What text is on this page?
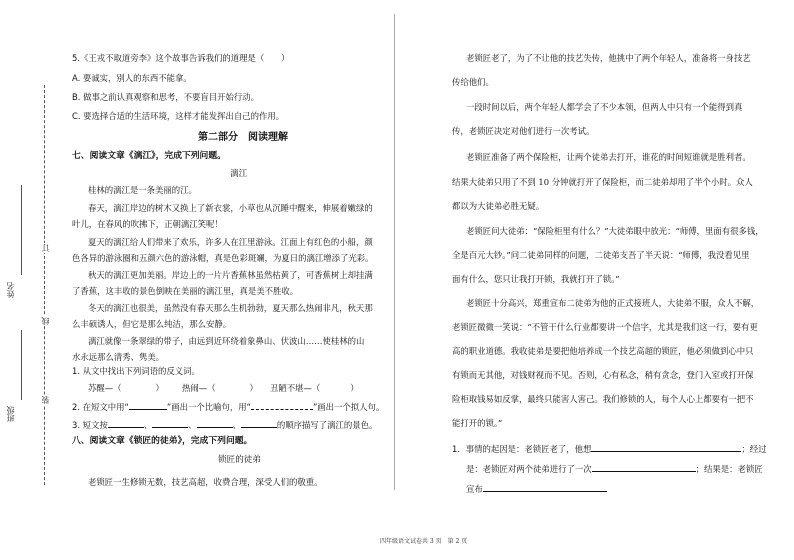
姓名
班级
订
线
装
5.《王戎不取道旁李》这个故事告诉我们的道理是（　　）
A. 要诚实，别人的东西不能拿。
B. 做事之前认真观察和思考，不要盲目开始行动。
C. 要选择合适的生活环境，这样才能发挥出自己的作用。
第二部分　阅读理解
七、阅读文章《漓江》，完成下列问题。
漓江
桂林的漓江是一条美丽的江。
春天，漓江岸边的树木又换上了新衣裳，小草也从沉睡中醒来，伸展着嫩绿的
叶儿，在春风的吹拂下，正朝漓江笑呢！
夏天的漓江给人们带来了欢乐，许多人在江里游泳。江面上有红色的小船，颜
色各异的游泳圈和五颜六色的游泳帽，真是色彩斑斓，为夏日的漓江增添了光彩。
秋天的漓江更加美丽。岸边上的一片片香蕉林虽然枯黄了，可香蕉树上却挂满
了香蕉，这丰收的景色倒映在美丽的漓江里，真是美不胜收。
冬天的漓江也很美，虽然没有春天那么生机勃勃，夏天那么热闹非凡，秋天那
么丰硕诱人，但它是那么纯洁，那么安静。
漓江就像一条翠绿的带子，由远到近环绕着象鼻山、伏波山……使桂林的山
水永远那么清秀、隽美。
1. 从文中找出下列词语的反义词。
苏醒—（	） 热闹—（	） 丑陋不堪—（	）
2. 在短文中用“	”画出一个比喻句，用“	”画出一个拟人句。
3. 短文按	、	、	、	的顺序描写了漓江的景色。
八、阅读文章《锁匠的徒弟》，完成下列问题。
锁匠的徒弟
老锁匠一生修锁无数，技艺高超，收费合理，深受人们的敬重。
老锁匠老了，为了不让他的技艺失传，他挑中了两个年轻人，准备将一身技艺
传给他们。
一段时间以后，两个年轻人都学会了不少本领，但两人中只有一个能得到真
传，老锁匠决定对他们进行一次考试。
老锁匠准备了两个保险柜，让两个徒弟去打开，谁花的时间短谁就是胜利者。
结果大徒弟只用了不到 10 分钟就打开了保险柜，而二徒弟却用了半个小时。众人
都以为大徒弟必胜无疑。
老锁匠问大徒弟：“保险柜里有什么？”大徒弟眼中放光：“师傅，里面有很多钱，
全是百元大钞。”问二徒弟同样的问题，二徒弟支吾了半天说：“师傅，我没看见里
面有什么，您只让我打开锁，我就打开了锁。”
老锁匠十分高兴，郑重宣布二徒弟为他的正式接班人，大徒弟不服，众人不解，
老锁匠微微一笑说：“不管干什么行业都要讲一个信字，尤其是我们这一行，要有更
高的职业道德。我收徒弟是要把他培养成一个技艺高超的锁匠，他必须做到心中只
有锁而无其他，对钱财视而不见。否则，心有私念，稍有贪念，登门入室或打开保
险柜取钱易如反掌，最终只能害人害己。我们修锁的人，每个人心上都要有一把不
能打开的锁。”
1．事情的起因是：老锁匠老了，他想	；经过
是：老锁匠对两个徒弟进行了一次	；结果是：老锁匠
宣布
四年级语文试卷共 3 页　第 2 页
